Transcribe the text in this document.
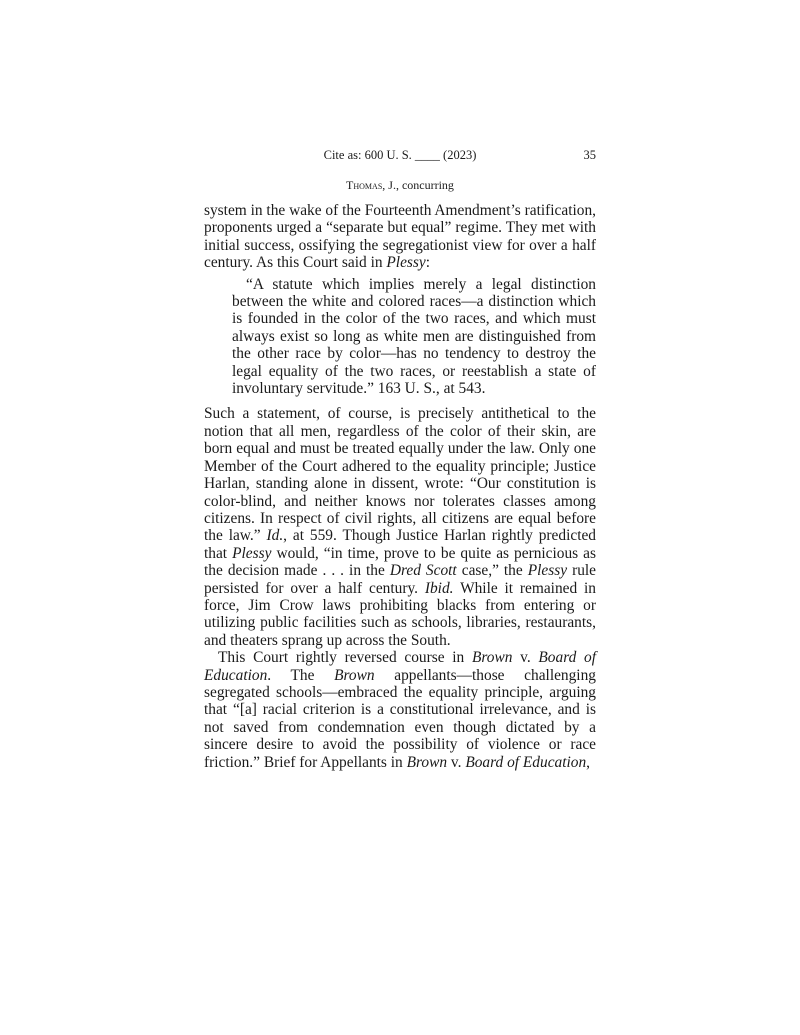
Cite as: 600 U. S. ____ (2023)	35
Thomas, J., concurring

system in the wake of the Fourteenth Amendment’s ratification, proponents urged a “separate but equal” regime. They met with initial success, ossifying the segregationist view for over a half century. As this Court said in Plessy:

“A statute which implies merely a legal distinction between the white and colored races—a distinction which is founded in the color of the two races, and which must always exist so long as white men are distinguished from the other race by color—has no tendency to destroy the legal equality of the two races, or reestablish a state of involuntary servitude.” 163 U. S., at 543.

Such a statement, of course, is precisely antithetical to the notion that all men, regardless of the color of their skin, are born equal and must be treated equally under the law. Only one Member of the Court adhered to the equality principle; Justice Harlan, standing alone in dissent, wrote: “Our constitution is color-blind, and neither knows nor tolerates classes among citizens. In respect of civil rights, all citizens are equal before the law.” Id., at 559. Though Justice Harlan rightly predicted that Plessy would, “in time, prove to be quite as pernicious as the decision made . . . in the Dred Scott case,” the Plessy rule persisted for over a half century. Ibid. While it remained in force, Jim Crow laws prohibiting blacks from entering or utilizing public facilities such as schools, libraries, restaurants, and theaters sprang up across the South.

This Court rightly reversed course in Brown v. Board of Education. The Brown appellants—those challenging segregated schools—embraced the equality principle, arguing that “[a] racial criterion is a constitutional irrelevance, and is not saved from condemnation even though dictated by a sincere desire to avoid the possibility of violence or race friction.” Brief for Appellants in Brown v. Board of Education,
